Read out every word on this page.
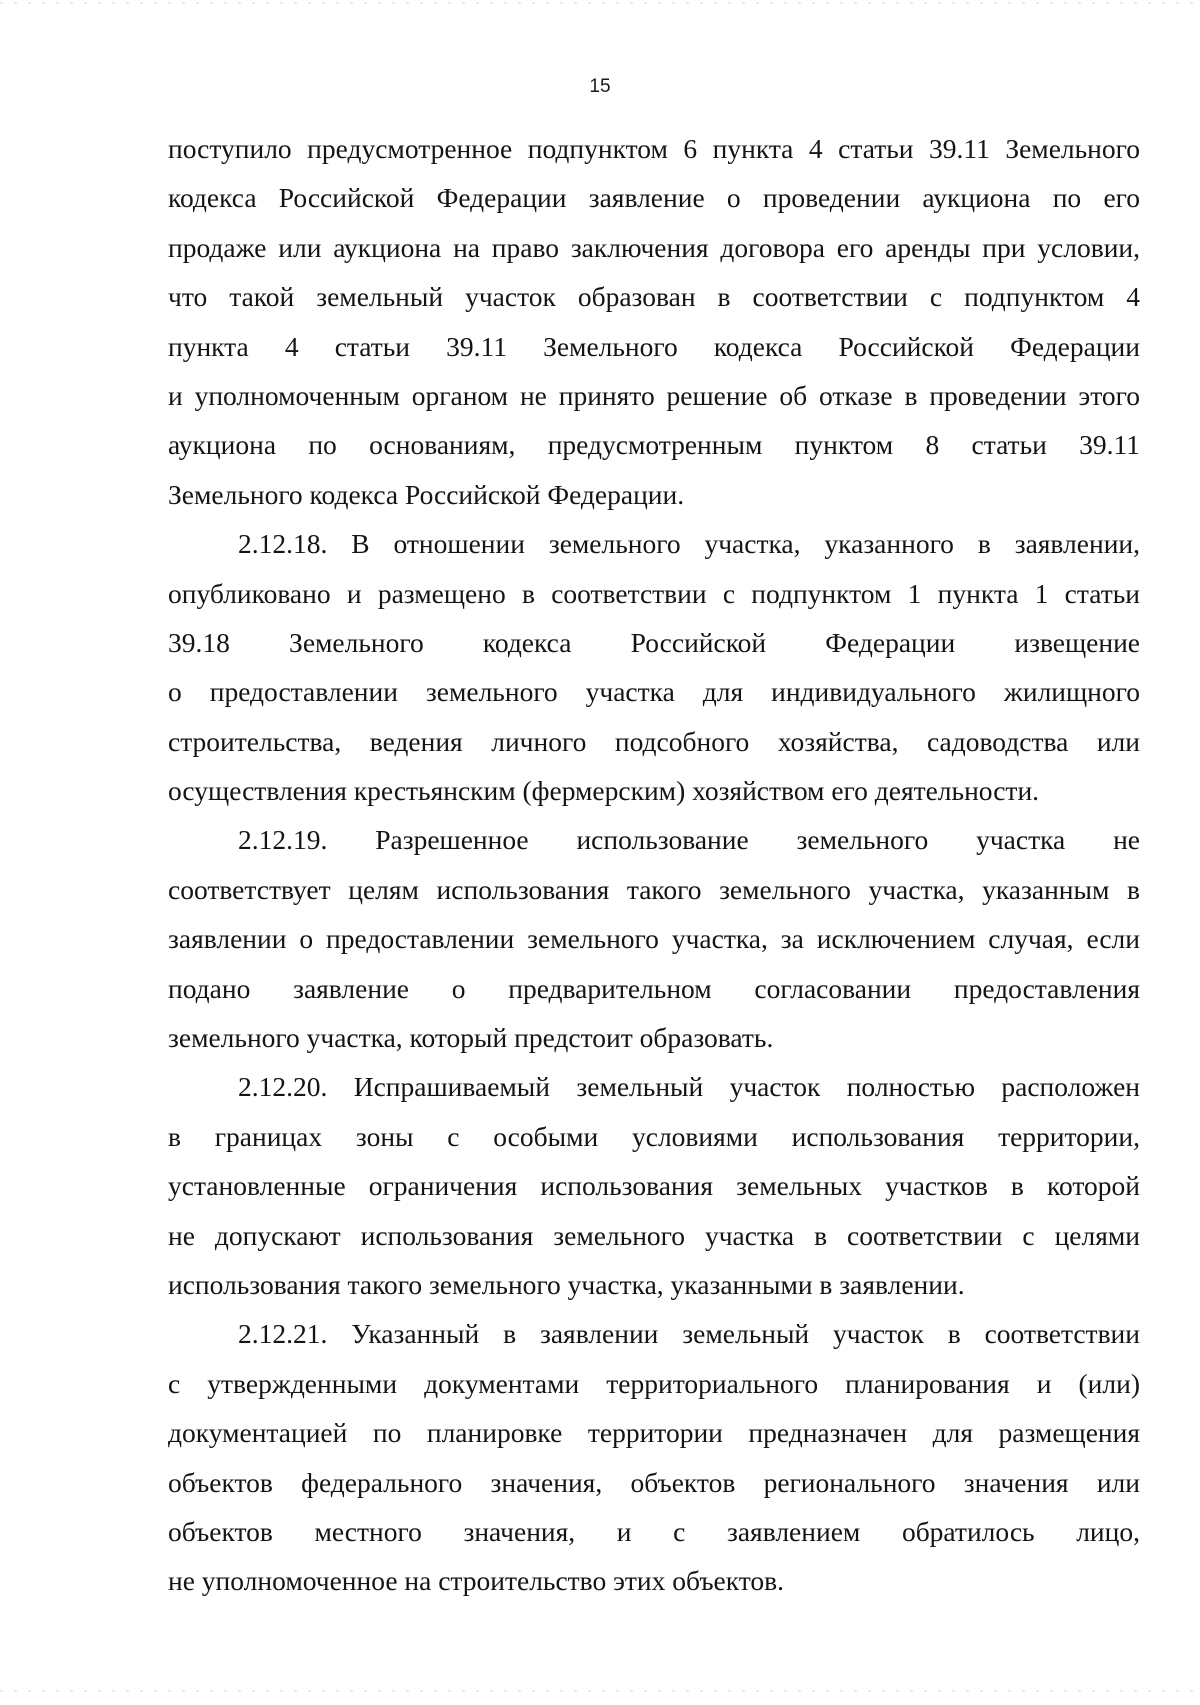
15
поступило предусмотренное подпунктом 6 пункта 4 статьи 39.11 Земельного
кодекса Российской Федерации заявление о проведении аукциона по его
продаже или аукциона на право заключения договора его аренды при условии,
что такой земельный участок образован в соответствии с подпунктом 4
пункта 4 статьи 39.11 Земельного кодекса Российской Федерации
и уполномоченным органом не принято решение об отказе в проведении этого
аукциона по основаниям, предусмотренным пунктом 8 статьи 39.11
Земельного кодекса Российской Федерации.
2.12.18. В отношении земельного участка, указанного в заявлении,
опубликовано и размещено в соответствии с подпунктом 1 пункта 1 статьи
39.18 Земельного кодекса Российской Федерации извещение
о предоставлении земельного участка для индивидуального жилищного
строительства, ведения личного подсобного хозяйства, садоводства или
осуществления крестьянским (фермерским) хозяйством его деятельности.
2.12.19. Разрешенное использование земельного участка не
соответствует целям использования такого земельного участка, указанным в
заявлении о предоставлении земельного участка, за исключением случая, если
подано заявление о предварительном согласовании предоставления
земельного участка, который предстоит образовать.
2.12.20. Испрашиваемый земельный участок полностью расположен
в границах зоны с особыми условиями использования территории,
установленные ограничения использования земельных участков в которой
не допускают использования земельного участка в соответствии с целями
использования такого земельного участка, указанными в заявлении.
2.12.21. Указанный в заявлении земельный участок в соответствии
с утвержденными документами территориального планирования и (или)
документацией по планировке территории предназначен для размещения
объектов федерального значения, объектов регионального значения или
объектов местного значения, и с заявлением обратилось лицо,
не уполномоченное на строительство этих объектов.
